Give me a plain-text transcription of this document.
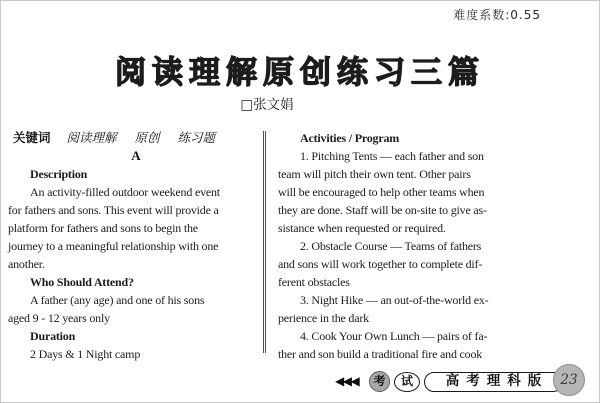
难度系数:0.55
阅读理解原创练习三篇
□张文娟
关键词 阅读理解 原创 练习题
A
Description
An activity-filled outdoor weekend event
for fathers and sons. This event will provide a
platform for fathers and sons to begin the
journey to a meaningful relationship with one
another.
Who Should Attend?
A father (any age) and one of his sons
aged 9 - 12 years only
Duration
2 Days & 1 Night camp
Activities / Program
1. Pitching Tents — each father and son
team will pitch their own tent. Other pairs
will be encouraged to help other teams when
they are done. Staff will be on-site to give as-
sistance when requested or required.
2. Obstacle Course — Teams of fathers
and sons will work together to complete dif-
ferent obstacles
3. Night Hike — an out-of-the-world ex-
perience in the dark
4. Cook Your Own Lunch — pairs of fa-
ther and son build a traditional fire and cook
◀◀◀	考	试	高考理科版 23
